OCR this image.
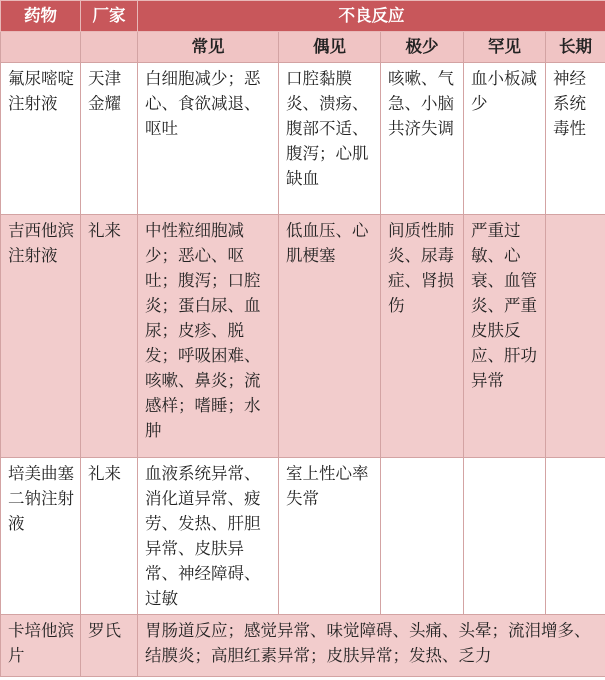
药物	厂家	不良反应				
		常见	偶见	极少	罕见	长期
氟尿嘧啶注射液	天津金耀	白细胞减少；恶心、食欲减退、呕吐	口腔黏膜炎、溃疡、腹部不适、腹泻；心肌缺血	咳嗽、气急、小脑共济失调	血小板减少	神经系统毒性
吉西他滨注射液	礼来	中性粒细胞减少；恶心、呕吐；腹泻；口腔炎；蛋白尿、血尿；皮疹、脱发；呼吸困难、咳嗽、鼻炎；流感样；嗜睡；水肿	低血压、心肌梗塞	间质性肺炎、尿毒症、肾损伤	严重过敏、心衰、血管炎、严重皮肤反应、肝功异常	
培美曲塞二钠注射液	礼来	血液系统异常、消化道异常、疲劳、发热、肝胆异常、皮肤异常、神经障碍、过敏	室上性心率失常			
卡培他滨片	罗氏	胃肠道反应；感觉异常、味觉障碍、头痛、头晕；流泪增多、结膜炎；高胆红素异常；皮肤异常；发热、乏力				
